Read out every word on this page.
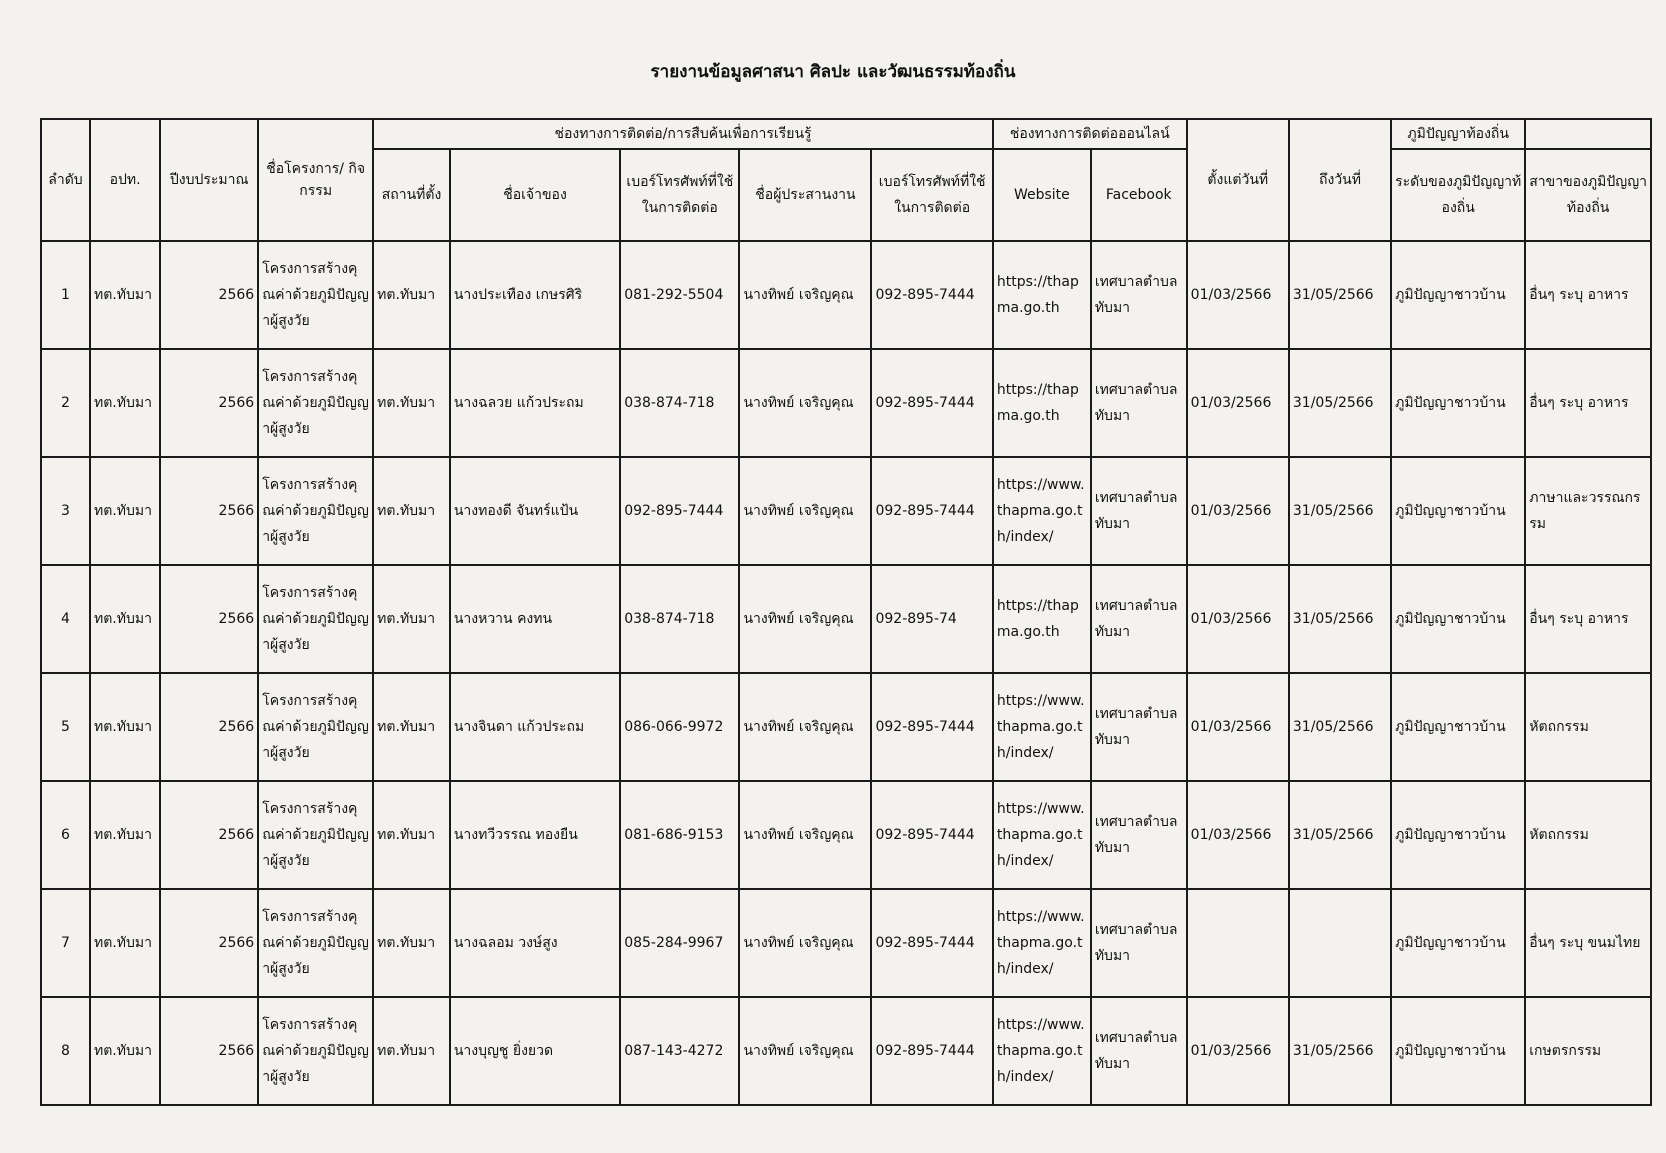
รายงานข้อมูลศาสนา ศิลปะ และวัฒนธรรมท้องถิ่น
ลำดับ	อปท.	ปีงบประมาณ	ชื่อโครงการ/ กิจกรรม	ช่องทางการติดต่อ/การสืบค้นเพื่อการเรียนรู้					ช่องทางการติดต่อออนไลน์		ตั้งแต่วันที่	ถึงวันที่	ภูมิปัญญาท้องถิ่น	
				สถานที่ตั้ง	ชื่อเจ้าของ	เบอร์โทรศัพท์ที่ใช้ในการติดต่อ	ชื่อผู้ประสานงาน	เบอร์โทรศัพท์ที่ใช้ในการติดต่อ	Website	Facebook			ระดับของภูมิปัญญาท้องถิ่น	สาขาของภูมิปัญญาท้องถิ่น
1	ทต.ทับมา	2566	โครงการสร้างคุณค่าด้วยภูมิปัญญาผู้สูงวัย	ทต.ทับมา	นางประเทือง เกษรศิริ	081-292-5504	นางทิพย์ เจริญคุณ	092-895-7444	https://thapma.go.th	เทศบาลตำบลทับมา	01/03/2566	31/05/2566	ภูมิปัญญาชาวบ้าน	อื่นๆ ระบุ อาหาร
2	ทต.ทับมา	2566	โครงการสร้างคุณค่าด้วยภูมิปัญญาผู้สูงวัย	ทต.ทับมา	นางฉลวย แก้วประถม	038-874-718	นางทิพย์ เจริญคุณ	092-895-7444	https://thapma.go.th	เทศบาลตำบลทับมา	01/03/2566	31/05/2566	ภูมิปัญญาชาวบ้าน	อื่นๆ ระบุ อาหาร
3	ทต.ทับมา	2566	โครงการสร้างคุณค่าด้วยภูมิปัญญาผู้สูงวัย	ทต.ทับมา	นางทองดี จันทร์แป้น	092-895-7444	นางทิพย์ เจริญคุณ	092-895-7444	https://www.thapma.go.th/index/	เทศบาลตำบลทับมา	01/03/2566	31/05/2566	ภูมิปัญญาชาวบ้าน	ภาษาและวรรณกรรม
4	ทต.ทับมา	2566	โครงการสร้างคุณค่าด้วยภูมิปัญญาผู้สูงวัย	ทต.ทับมา	นางหวาน คงทน	038-874-718	นางทิพย์ เจริญคุณ	092-895-74	https://thapma.go.th	เทศบาลตำบลทับมา	01/03/2566	31/05/2566	ภูมิปัญญาชาวบ้าน	อื่นๆ ระบุ อาหาร
5	ทต.ทับมา	2566	โครงการสร้างคุณค่าด้วยภูมิปัญญาผู้สูงวัย	ทต.ทับมา	นางจินดา แก้วประถม	086-066-9972	นางทิพย์ เจริญคุณ	092-895-7444	https://www.thapma.go.th/index/	เทศบาลตำบลทับมา	01/03/2566	31/05/2566	ภูมิปัญญาชาวบ้าน	หัตถกรรม
6	ทต.ทับมา	2566	โครงการสร้างคุณค่าด้วยภูมิปัญญาผู้สูงวัย	ทต.ทับมา	นางทวีวรรณ ทองยืน	081-686-9153	นางทิพย์ เจริญคุณ	092-895-7444	https://www.thapma.go.th/index/	เทศบาลตำบลทับมา	01/03/2566	31/05/2566	ภูมิปัญญาชาวบ้าน	หัตถกรรม
7	ทต.ทับมา	2566	โครงการสร้างคุณค่าด้วยภูมิปัญญาผู้สูงวัย	ทต.ทับมา	นางฉลอม วงษ์สูง	085-284-9967	นางทิพย์ เจริญคุณ	092-895-7444	https://www.thapma.go.th/index/	เทศบาลตำบลทับมา			ภูมิปัญญาชาวบ้าน	อื่นๆ ระบุ ขนมไทย
8	ทต.ทับมา	2566	โครงการสร้างคุณค่าด้วยภูมิปัญญาผู้สูงวัย	ทต.ทับมา	นางบุญชู ยิ่งยวด	087-143-4272	นางทิพย์ เจริญคุณ	092-895-7444	https://www.thapma.go.th/index/	เทศบาลตำบลทับมา	01/03/2566	31/05/2566	ภูมิปัญญาชาวบ้าน	เกษตรกรรม
